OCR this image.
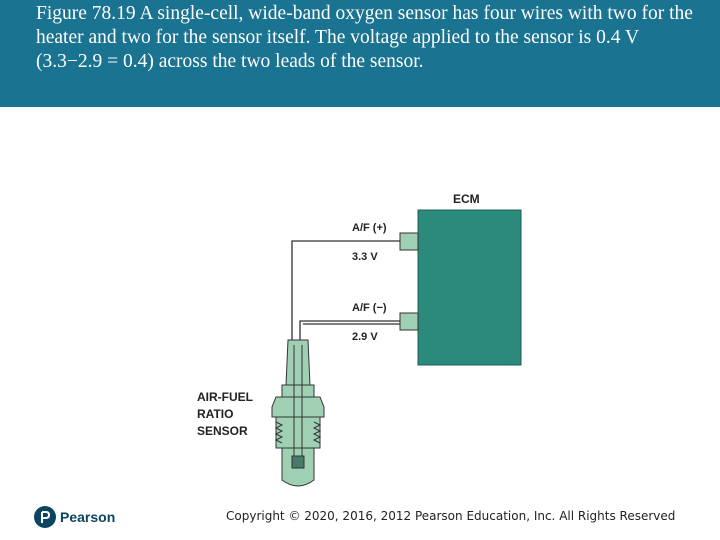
Figure 78.19 A single-cell, wide-band oxygen sensor has four wires with two for the heater and two for the sensor itself. The voltage applied to the sensor is 0.4 V (3.3−2.9 = 0.4) across the two leads of the sensor.

ECM
A/F (+)
3.3 V
A/F (−)
2.9 V
AIR-FUEL
RATIO
SENSOR
Pearson	Copyright © 2020, 2016, 2012 Pearson Education, Inc. All Rights Reserved
